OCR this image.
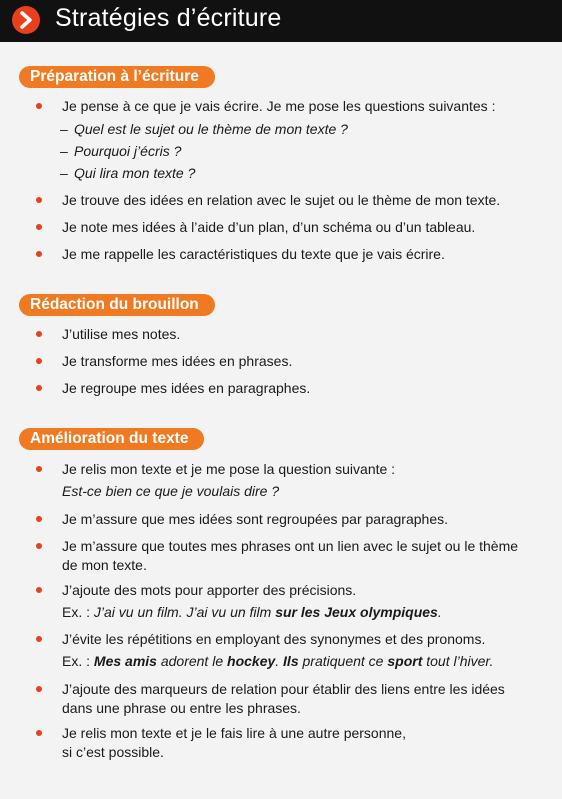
Stratégies d’écriture
Préparation à l’écriture
Je pense à ce que je vais écrire. Je me pose les questions suivantes :
– Quel est le sujet ou le thème de mon texte ?
– Pourquoi j’écris ?
– Qui lira mon texte ?
Je trouve des idées en relation avec le sujet ou le thème de mon texte.
Je note mes idées à l’aide d’un plan, d’un schéma ou d’un tableau.
Je me rappelle les caractéristiques du texte que je vais écrire.
Rédaction du brouillon
J’utilise mes notes.
Je transforme mes idées en phrases.
Je regroupe mes idées en paragraphes.
Amélioration du texte
Je relis mon texte et je me pose la question suivante :
Est-ce bien ce que je voulais dire ?
Je m’assure que mes idées sont regroupées par paragraphes.
Je m’assure que toutes mes phrases ont un lien avec le sujet ou le thème
de mon texte.
J’ajoute des mots pour apporter des précisions.
Ex. : J’ai vu un film. J’ai vu un film sur les Jeux olympiques.
J’évite les répétitions en employant des synonymes et des pronoms.
Ex. : Mes amis adorent le hockey. Ils pratiquent ce sport tout l’hiver.
J’ajoute des marqueurs de relation pour établir des liens entre les idées
dans une phrase ou entre les phrases.
Je relis mon texte et je le fais lire à une autre personne,
si c’est possible.
